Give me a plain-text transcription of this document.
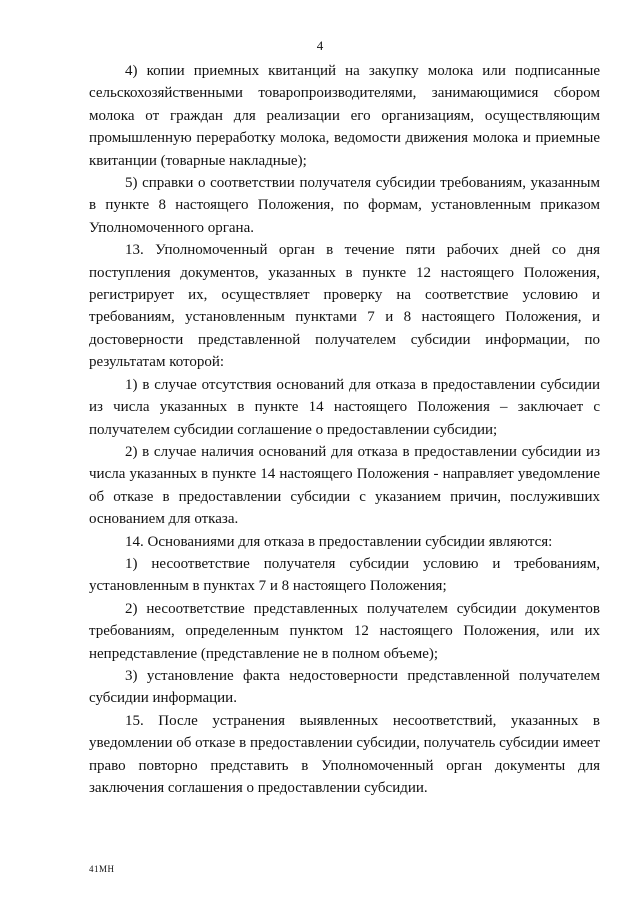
4

4) копии приемных квитанций на закупку молока или подписанные сельскохозяйственными товаропроизводителями, занимающимися сбором молока от граждан для реализации его организациям, осуществляющим промышленную переработку молока, ведомости движения молока и приемные квитанции (товарные накладные);

5) справки о соответствии получателя субсидии требованиям, указанным в пункте 8 настоящего Положения, по формам, установленным приказом Уполномоченного органа.

13. Уполномоченный орган в течение пяти рабочих дней со дня поступления документов, указанных в пункте 12 настоящего Положения, регистрирует их, осуществляет проверку на соответствие условию и требованиям, установленным пунктами 7 и 8 настоящего Положения, и достоверности представленной получателем субсидии информации, по результатам которой:

1) в случае отсутствия оснований для отказа в предоставлении субсидии из числа указанных в пункте 14 настоящего Положения – заключает с получателем субсидии соглашение о предоставлении субсидии;

2) в случае наличия оснований для отказа в предоставлении субсидии из числа указанных в пункте 14 настоящего Положения - направляет уведомление об отказе в предоставлении субсидии с указанием причин, послуживших основанием для отказа.

14. Основаниями для отказа в предоставлении субсидии являются:

1) несоответствие получателя субсидии условию и требованиям, установленным в пунктах 7 и 8 настоящего Положения;

2) несоответствие представленных получателем субсидии документов требованиям, определенным пунктом 12 настоящего Положения, или их непредставление (представление не в полном объеме);

3) установление факта недостоверности представленной получателем субсидии информации.

15. После устранения выявленных несоответствий, указанных в уведомлении об отказе в предоставлении субсидии, получатель субсидии имеет право повторно представить в Уполномоченный орган документы для заключения соглашения о предоставлении субсидии.

41МН
